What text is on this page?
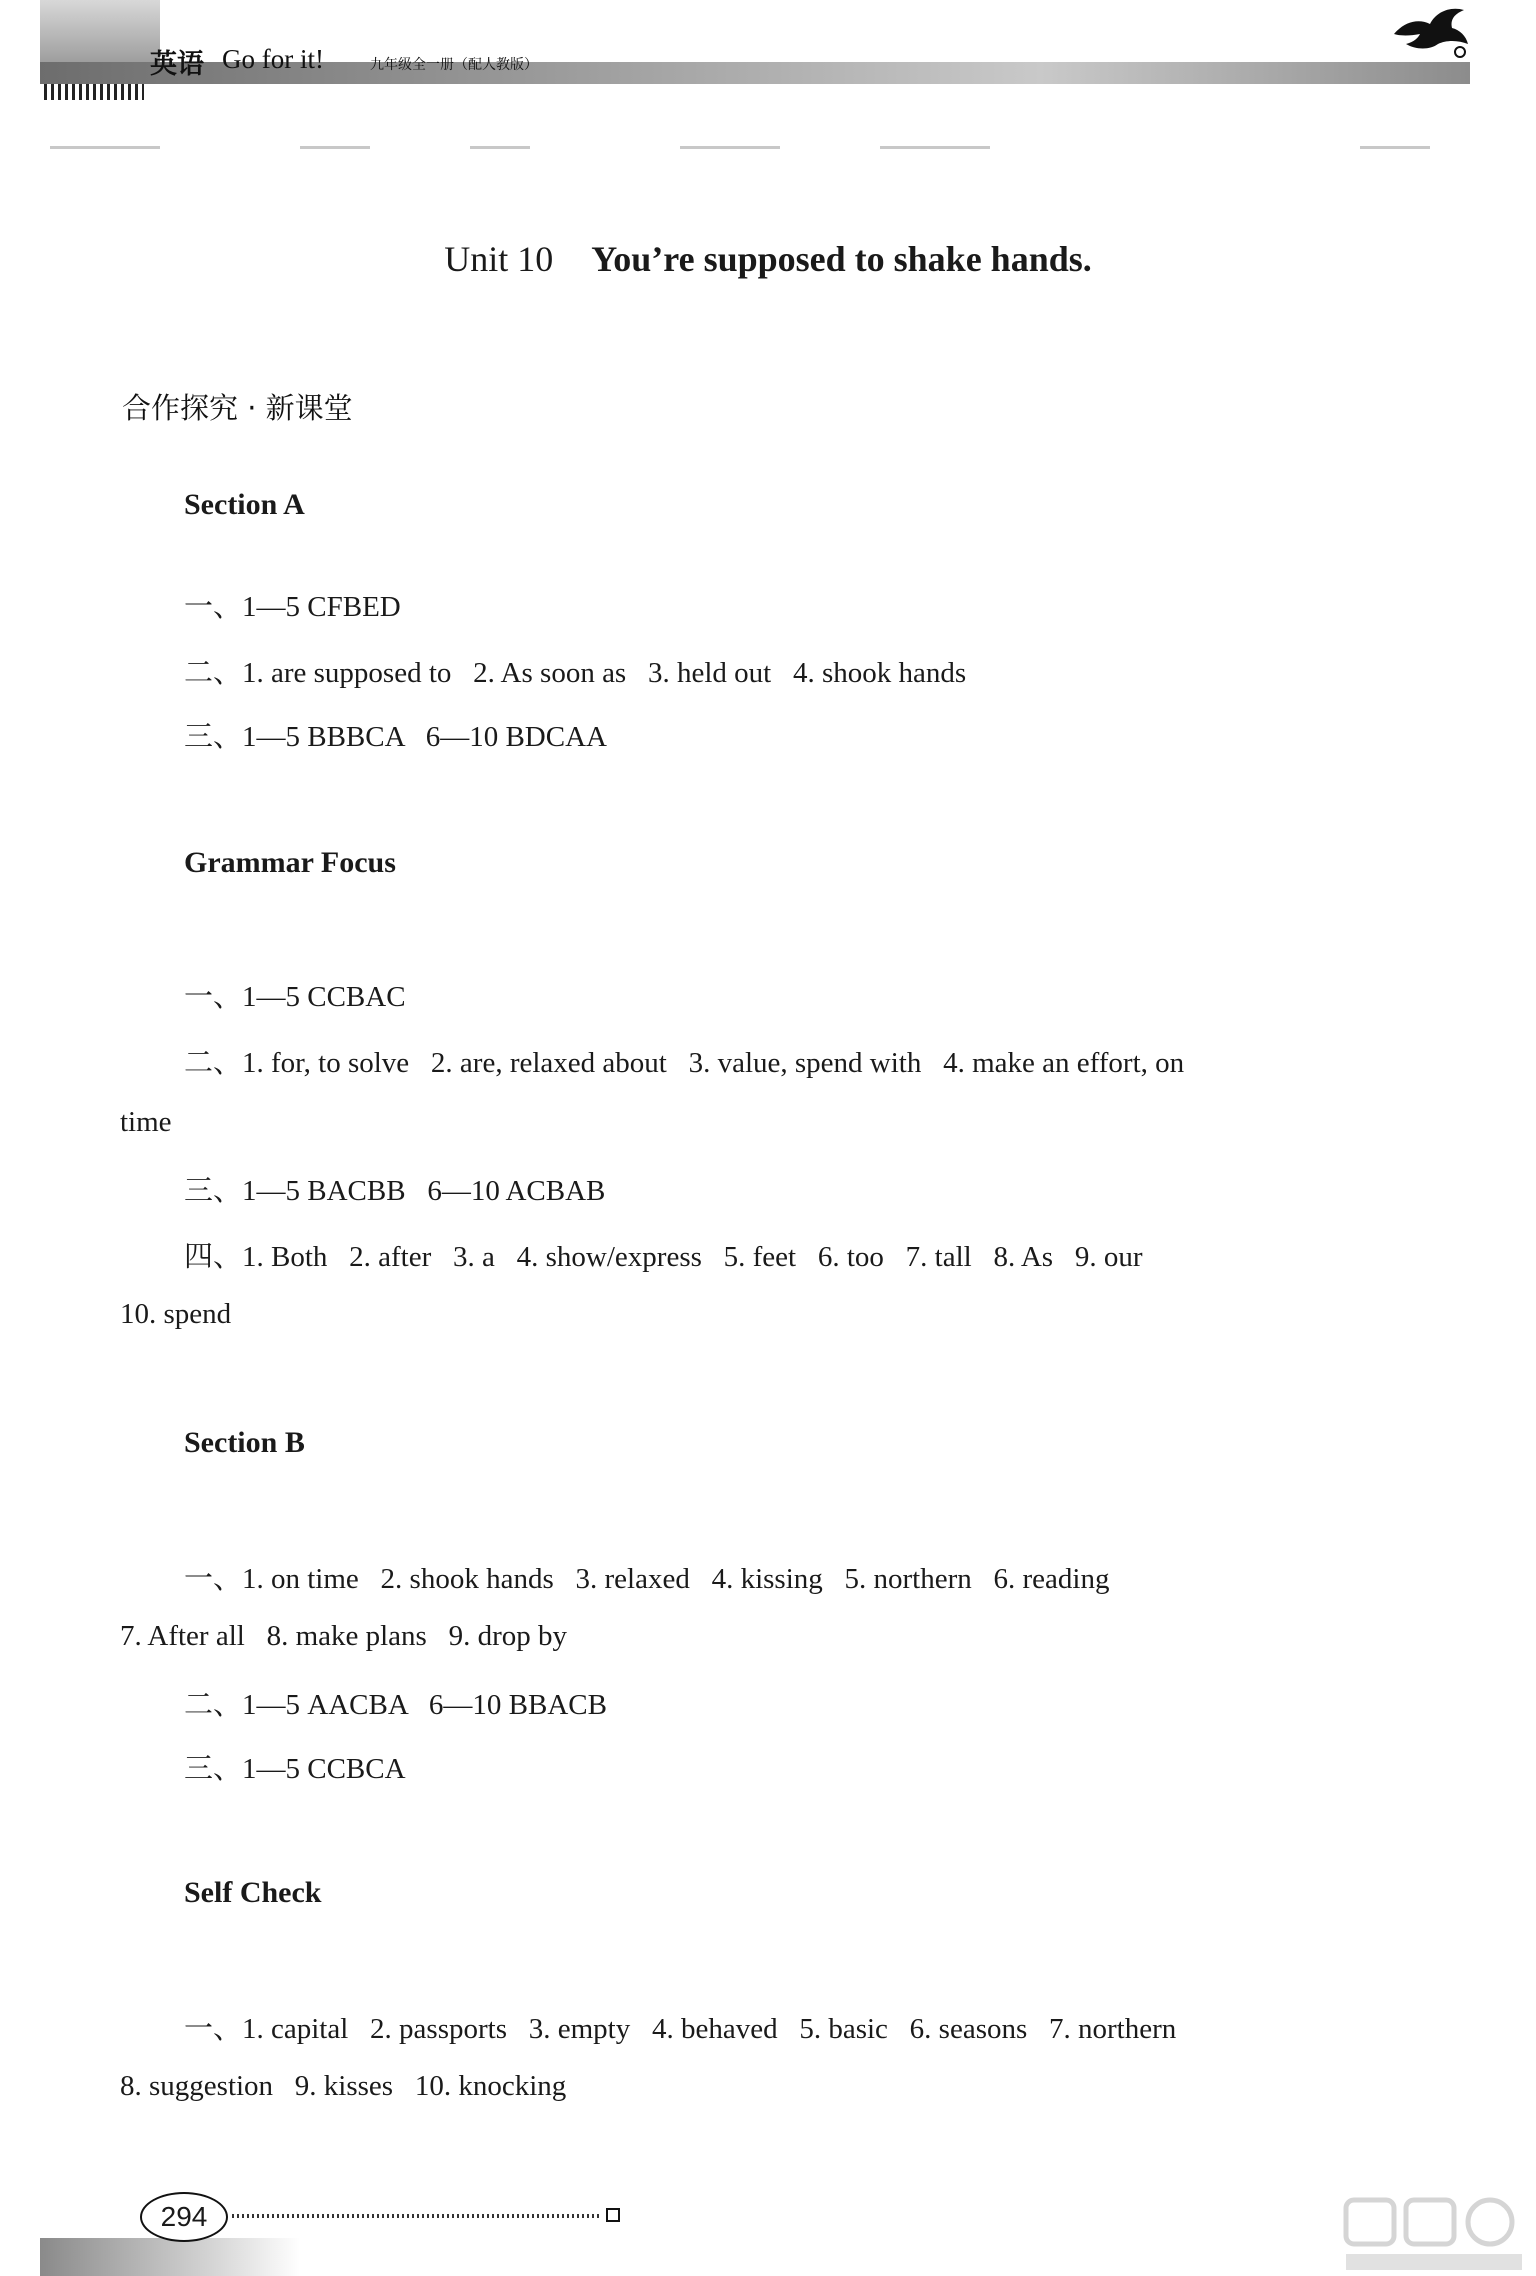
英语 Go for it!	九年级全一册（配人教版）
Unit 10 You’re supposed to shake hands.
合作探究 · 新课堂
Section A
一、1—5 CFBED
二、1. are supposed to   2. As soon as   3. held out   4. shook hands
三、1—5 BBBCA   6—10 BDCAA
Grammar Focus
一、1—5 CCBAC
二、1. for, to solve   2. are, relaxed about   3. value, spend with   4. make an effort, on
time
三、1—5 BACBB   6—10 ACBAB
四、1. Both   2. after   3. a   4. show/express   5. feet   6. too   7. tall   8. As   9. our
10. spend
Section B
一、1. on time   2. shook hands   3. relaxed   4. kissing   5. northern   6. reading
7. After all   8. make plans   9. drop by
二、1—5 AACBA   6—10 BBACB
三、1—5 CCBCA
Self Check
一、1. capital   2. passports   3. empty   4. behaved   5. basic   6. seasons   7. northern
8. suggestion   9. kisses   10. knocking
294
